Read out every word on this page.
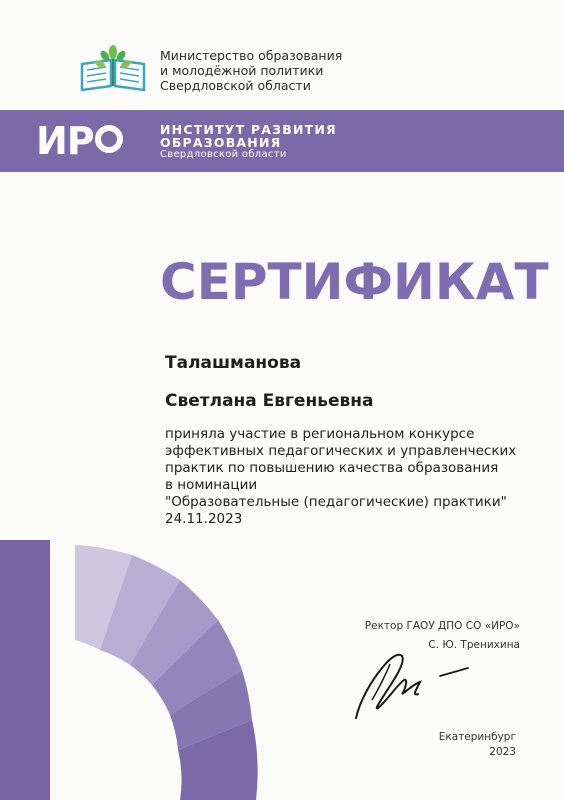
Министерство образования
и молодёжной политики
Свердловской области
ИР	ИНСТИТУТ РАЗВИТИЯ
ОБРАЗОВАНИЯ
Свердловской области
СЕРТИФИКАТ
Талашманова
Светлана Евгеньевна
приняла участие в региональном конкурсе
эффективных педагогических и управленческих
практик по повышению качества образования
в номинации
"Образовательные (педагогические) практики"
24.11.2023
Ректор ГАОУ ДПО СО «ИРО»
С. Ю. Тренихина
Екатеринбург
2023
